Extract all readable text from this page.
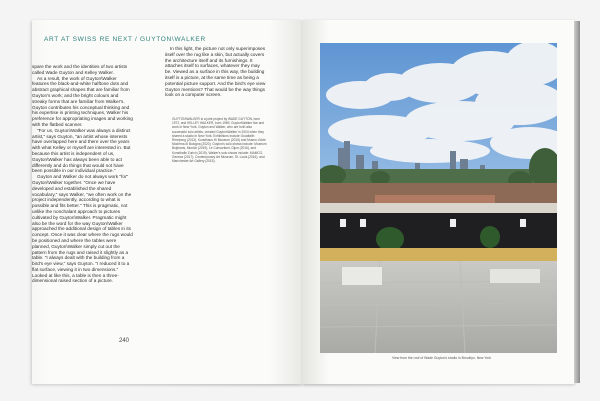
ART AT SWISS RE NEXT / GUYTON\WALKER

spare the work and the identities of two artists called Wade Guyton and Kelley Walker.

As a result, the work of Guyton\Walker features the black-and-white halftone dots and abstract graphical shapes that are familiar from Guyton's work; and the bright colours and streaky forms that are familiar from Walker's. Guyton contributes his conceptual thinking and his expertise in printing techniques, Walker his preference for appropriating images and working with the flatbed scanner.

"For us, Guyton\Walker was always a distinct artist," says Guyton, "an artist whose interests have overlapped here and there over the years with what Kelley or myself are interested in. But because this artist is independent of us, Guyton\Walker has always been able to act differently and do things that would not have been possible in our individual practice."

Guyton and Walker do not always work "for" Guyton\Walker together. "Once we have developed and established the shared vocabulary," says Walker, "we often work on the project independently, according to what is possible and fits better." This is pragmatic, not unlike the nonchalant approach to pictures cultivated by Guyton\Walker. Pragmatic might also be the word for the way Guyton\Walker approached the additional design of tables in its concept. Once it was clear where the rugs would be positioned and where the tables were planned, Guyton\Walker simply cut out the pattern from the rugs and raised it slightly as a table. "I always dealt with the building from a bird's eye view," says Guyton. "I reduced it to a flat surface, viewing it in two dimensions." Looked at like this, a table is then a three-dimensional raised section of a picture.

In this light, the picture not only superimposes itself over the rug like a skin, but actually covers the architecture itself and its furnishings. It attaches itself to surfaces, whatever they may be. Viewed as a surface in this way, the building itself is a picture, at the same time as being a potential picture support. And the bird's eye view Guyton mentions? That would be the way things look on a computer screen.

GUYTON\WALKER is a joint project by WADE GUYTON, born 1972, and KELLEY WALKER, born 1969. Guyton\Walker live and work in New York. Guyton and Walker, who are both also successful solo artists, created Guyton\Walker in 2004 when they shared a studio in New York. Exhibitions include Goodfaith Rirrejnorg (2013), Kunsthaus Hi Museum (2016) and Museo d'Arte Moderna di Bologna (2020). Guyton's solo shows include: Museum Boijmans, Munich (2019), Le Consortium, Dijon (2016), and Kunsthalle Zurich (2019). Walker's solo shows include: MAMCO, Geneva (2017), Contemporary Art Museum, St. Louis (2016), and Manchester Art Gallery (2015).
240
View from the roof of Wade Guyton's studio in Brooklyn, New York
